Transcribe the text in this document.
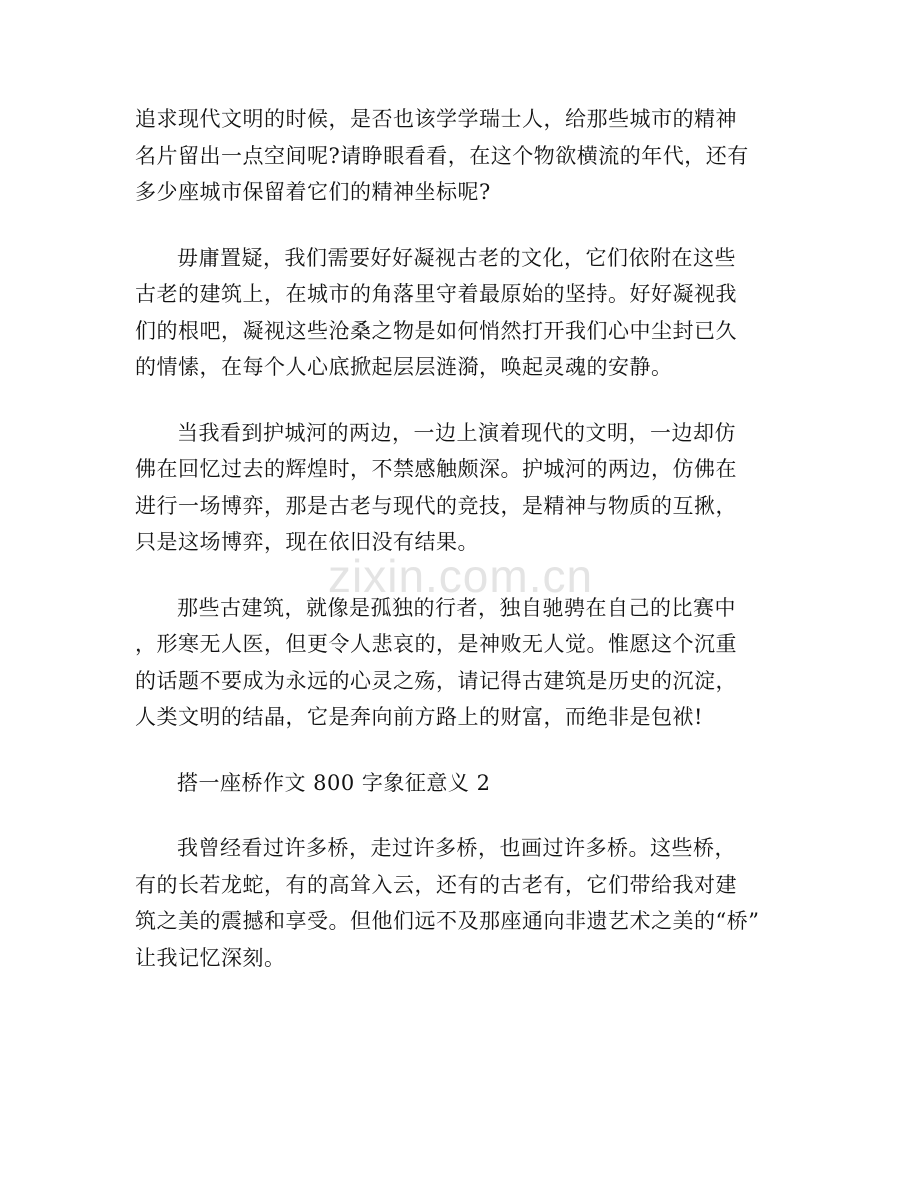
追求现代文明的时候，是否也该学学瑞士人，给那些城市的精神
名片留出一点空间呢?请睁眼看看，在这个物欲横流的年代，还有
多少座城市保留着它们的精神坐标呢?

毋庸置疑，我们需要好好凝视古老的文化，它们依附在这些
古老的建筑上，在城市的角落里守着最原始的坚持。好好凝视我
们的根吧，凝视这些沧桑之物是如何悄然打开我们心中尘封已久
的情愫，在每个人心底掀起层层涟漪，唤起灵魂的安静。

当我看到护城河的两边，一边上演着现代的文明，一边却仿
佛在回忆过去的辉煌时，不禁感触颇深。护城河的两边，仿佛在
进行一场博弈，那是古老与现代的竞技，是精神与物质的互揪，
只是这场博弈，现在依旧没有结果。

那些古建筑，就像是孤独的行者，独自驰骋在自己的比赛中
，形寒无人医，但更令人悲哀的，是神败无人觉。惟愿这个沉重
的话题不要成为永远的心灵之殇，请记得古建筑是历史的沉淀，
人类文明的结晶，它是奔向前方路上的财富，而绝非是包袱!

搭一座桥作文 800 字象征意义 2

我曾经看过许多桥，走过许多桥，也画过许多桥。这些桥，
有的长若龙蛇，有的高耸入云，还有的古老有，它们带给我对建
筑之美的震撼和享受。但他们远不及那座通向非遗艺术之美的“桥”
让我记忆深刻。

zixin.com.cn
